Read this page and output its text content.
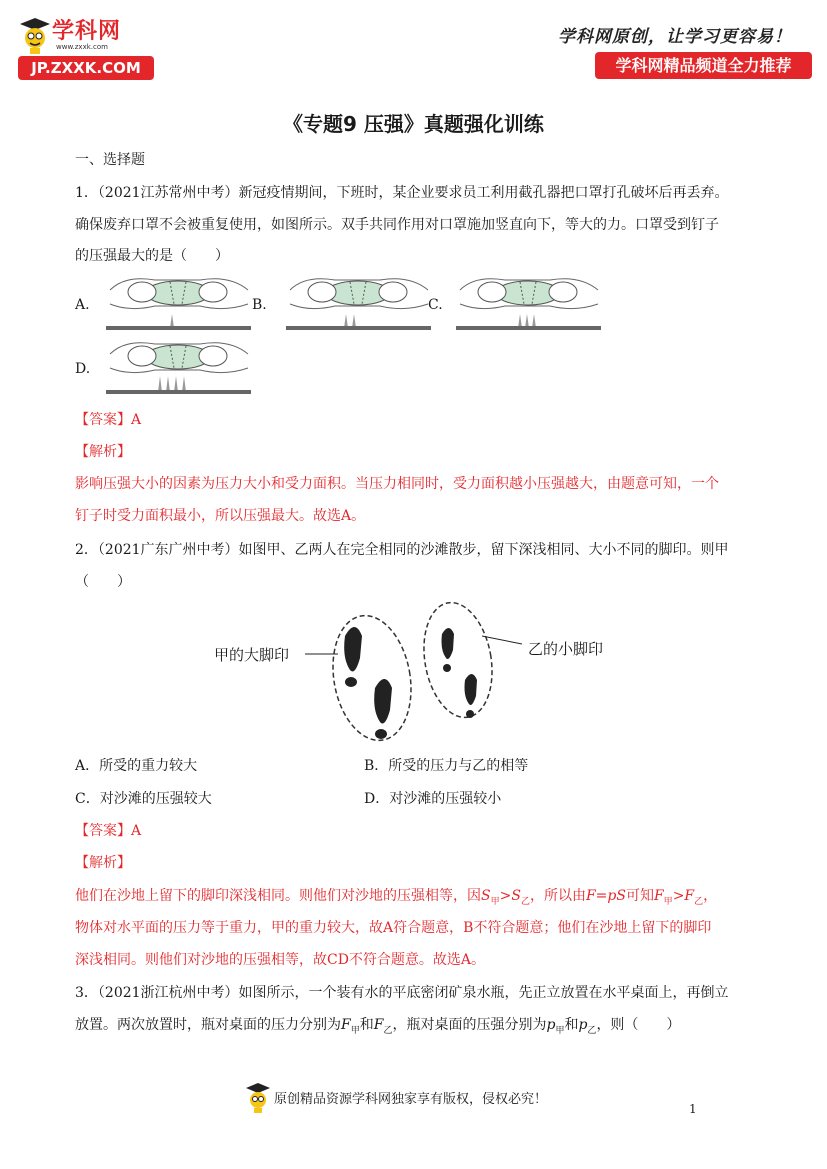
学科网
www.zxxk.com
JP.ZXXK.COM
学科网原创，让学习更容易！
学科网精品频道全力推荐
《专题9 压强》真题强化训练
一、选择题
1．（2021江苏常州中考）新冠疫情期间，下班时，某企业要求员工利用截孔器把口罩打孔破坏后再丢弃。
确保废弃口罩不会被重复使用，如图所示。双手共同作用对口罩施加竖直向下，等大的力。口罩受到钉子
的压强最大的是（　　）
A.	B.	C.
D.
【答案】A
【解析】
影响压强大小的因素为压力大小和受力面积。当压力相同时，受力面积越小压强越大，由题意可知，一个
钉子时受力面积最小，所以压强最大。故选A。
2．（2021广东广州中考）如图甲、乙两人在完全相同的沙滩散步，留下深浅相同、大小不同的脚印。则甲
（　　）
甲的大脚印	乙的小脚印
A．所受的重力较大	B．所受的压力与乙的相等
C．对沙滩的压强较大	D．对沙滩的压强较小
【答案】A
【解析】
他们在沙地上留下的脚印深浅相同。则他们对沙地的压强相等，因$S_甲>S_乙$，所以由F=pS可知$F_甲>F_乙$，
物体对水平面的压力等于重力，甲的重力较大，故A符合题意，B不符合题意；他们在沙地上留下的脚印
深浅相同。则他们对沙地的压强相等，故CD不符合题意。故选A。
3．（2021浙江杭州中考）如图所示，一个装有水的平底密闭矿泉水瓶，先正立放置在水平桌面上，再倒立
放置。两次放置时，瓶对桌面的压力分别为$F_甲$和$F_乙$，瓶对桌面的压强分别为$p_甲$和$p_乙$，则（　　）
原创精品资源学科网独家享有版权，侵权必究！
1
